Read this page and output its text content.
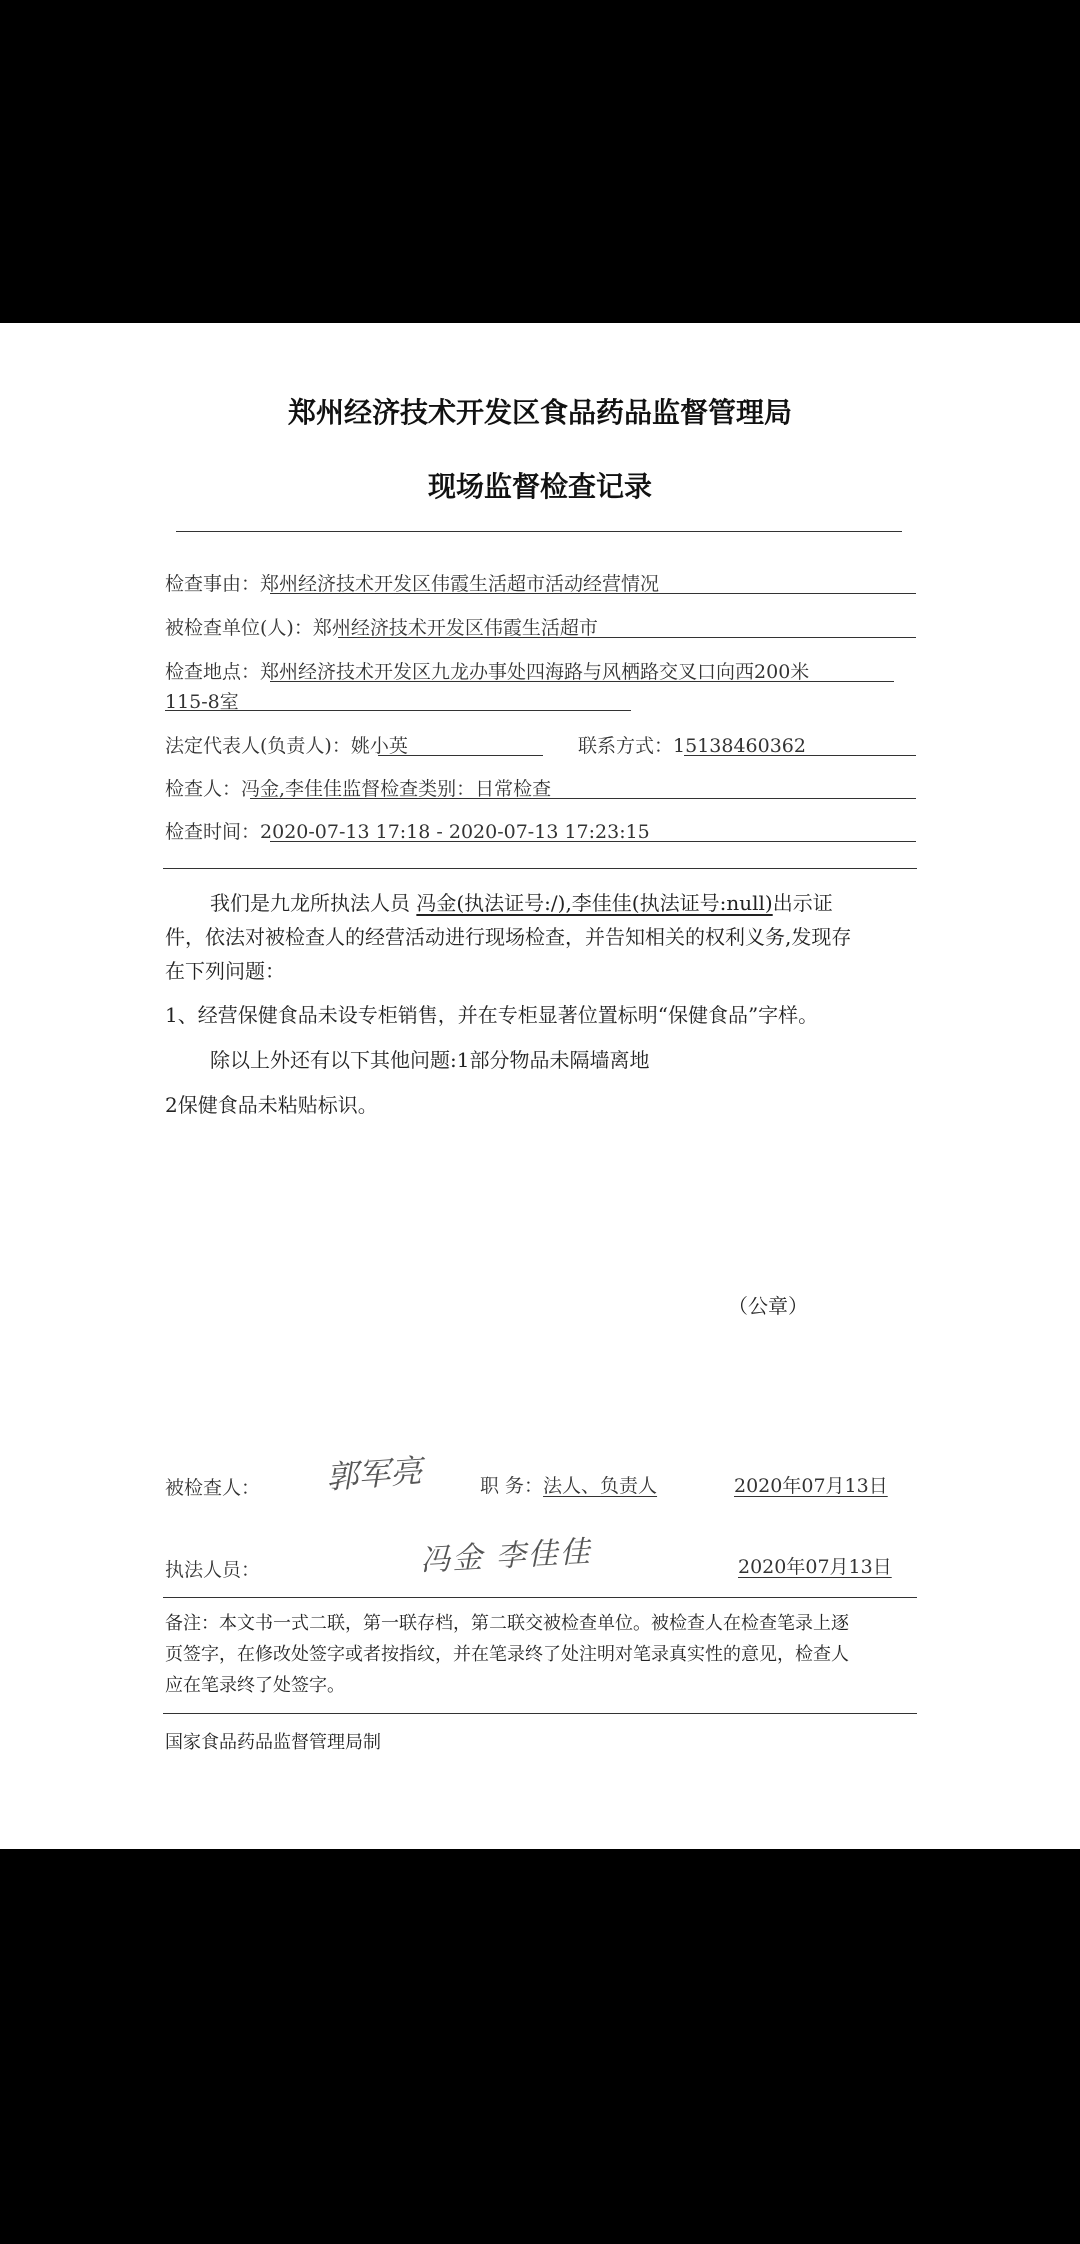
郑州经济技术开发区食品药品监督管理局
现场监督检查记录
检查事由：郑州经济技术开发区伟霞生活超市活动经营情况
被检查单位(人)：郑州经济技术开发区伟霞生活超市
检查地点：郑州经济技术开发区九龙办事处四海路与风栖路交叉口向西200米
115-8室
法定代表人(负责人)：姚小英	联系方式：15138460362
检查人：冯金,李佳佳监督检查类别：日常检查
检查时间：2020-07-13 17:18 - 2020-07-13 17:23:15
我们是九龙所执法人员 冯金(执法证号:/),李佳佳(执法证号:null)出示证
件，依法对被检查人的经营活动进行现场检查，并告知相关的权利义务,发现存
在下列问题：
1、经营保健食品未设专柜销售，并在专柜显著位置标明“保健食品”字样。
除以上外还有以下其他问题:1部分物品未隔墙离地
2保健食品未粘贴标识。
（公章）
被检查人： 郭军亮	职 务：法人、负责人	2020年07月13日
执法人员：	冯金 李佳佳	2020年07月13日
备注：本文书一式二联，第一联存档，第二联交被检查单位。被检查人在检查笔录上逐
页签字，在修改处签字或者按指纹，并在笔录终了处注明对笔录真实性的意见，检查人
应在笔录终了处签字。
国家食品药品监督管理局制
